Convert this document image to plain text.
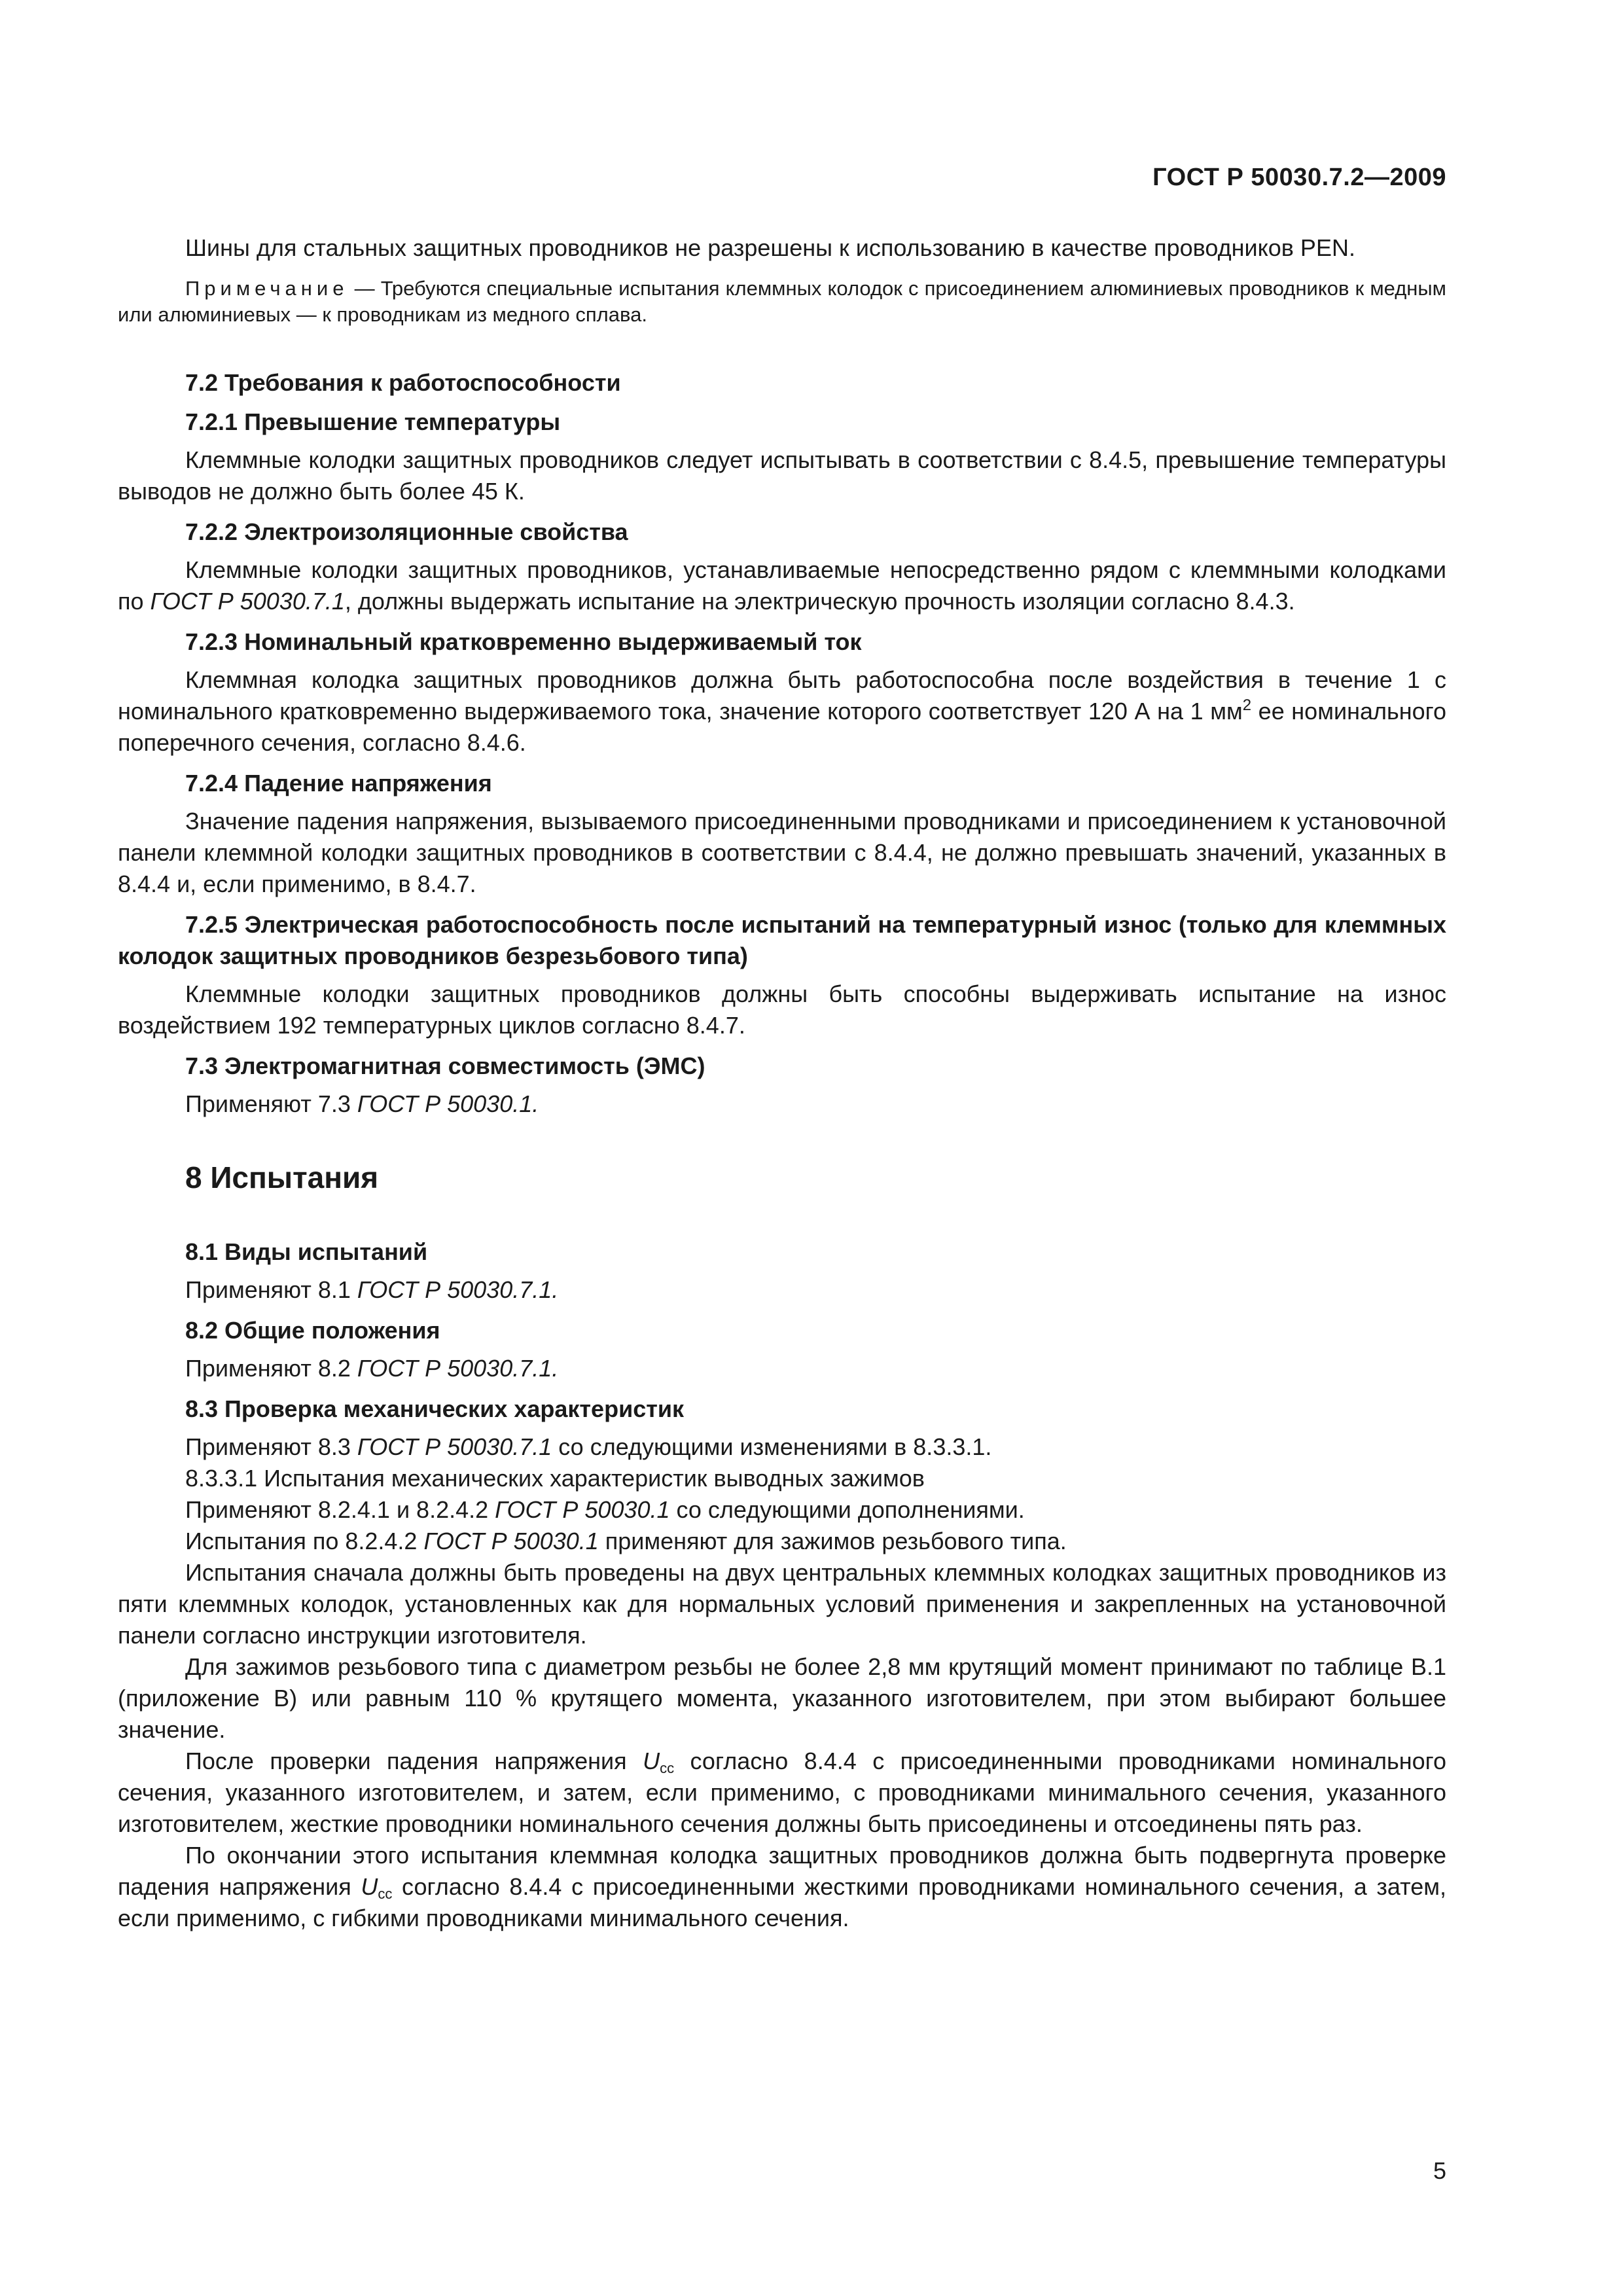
ГОСТ Р 50030.7.2—2009

Шины для стальных защитных проводников не разрешены к использованию в качестве проводников PEN.

Примечание — Требуются специальные испытания клеммных колодок с присоединением алюминиевых проводников к медным или алюминиевых — к проводникам из медного сплава.

7.2 Требования к работоспособности
7.2.1 Превышение температуры

Клеммные колодки защитных проводников следует испытывать в соответствии с 8.4.5, превышение температуры выводов не должно быть более 45 К.

7.2.2 Электроизоляционные свойства

Клеммные колодки защитных проводников, устанавливаемые непосредственно рядом с клеммными колодками по ГОСТ Р 50030.7.1, должны выдержать испытание на электрическую прочность изоляции согласно 8.4.3.

7.2.3 Номинальный кратковременно выдерживаемый ток

Клеммная колодка защитных проводников должна быть работоспособна после воздействия в течение 1 с номинального кратковременно выдерживаемого тока, значение которого соответствует 120 А на 1 $мм^2$ ее номинального поперечного сечения, согласно 8.4.6.

7.2.4 Падение напряжения

Значение падения напряжения, вызываемого присоединенными проводниками и присоединением к установочной панели клеммной колодки защитных проводников в соответствии с 8.4.4, не должно превышать значений, указанных в 8.4.4 и, если применимо, в 8.4.7.

7.2.5 Электрическая работоспособность после испытаний на температурный износ (только для клеммных колодок защитных проводников безрезьбового типа)

Клеммные колодки защитных проводников должны быть способны выдерживать испытание на износ воздействием 192 температурных циклов согласно 8.4.7.

7.3 Электромагнитная совместимость (ЭМС)

Применяют 7.3 ГОСТ Р 50030.1.

8 Испытания
8.1 Виды испытаний

Применяют 8.1 ГОСТ Р 50030.7.1.

8.2 Общие положения

Применяют 8.2 ГОСТ Р 50030.7.1.

8.3 Проверка механических характеристик

Применяют 8.3 ГОСТ Р 50030.7.1 со следующими изменениями в 8.3.3.1.

8.3.3.1 Испытания механических характеристик выводных зажимов

Применяют 8.2.4.1 и 8.2.4.2 ГОСТ Р 50030.1 со следующими дополнениями.

Испытания по 8.2.4.2 ГОСТ Р 50030.1 применяют для зажимов резьбового типа.

Испытания сначала должны быть проведены на двух центральных клеммных колодках защитных проводников из пяти клеммных колодок, установленных как для нормальных условий применения и закрепленных на установочной панели согласно инструкции изготовителя.

Для зажимов резьбового типа с диаметром резьбы не более 2,8 мм крутящий момент принимают по таблице В.1 (приложение В) или равным 110 % крутящего момента, указанного изготовителем, при этом выбирают большее значение.

После проверки падения напряжения $U_{cc}$ согласно 8.4.4 с присоединенными проводниками номинального сечения, указанного изготовителем, и затем, если применимо, с проводниками минимального сечения, указанного изготовителем, жесткие проводники номинального сечения должны быть присоединены и отсоединены пять раз.

По окончании этого испытания клеммная колодка защитных проводников должна быть подвергнута проверке падения напряжения $U_{cc}$ согласно 8.4.4 с присоединенными жесткими проводниками номинального сечения, а затем, если применимо, с гибкими проводниками минимального сечения.

5
